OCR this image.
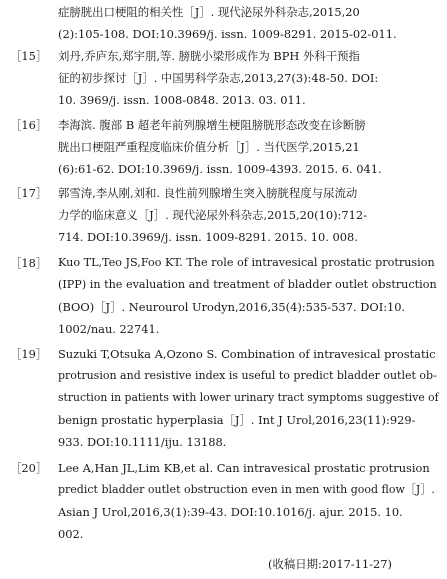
症膀胱出口梗阻的相关性［J］. 现代泌尿外科杂志,2015,20
(2):105-108. DOI:10.3969/j. issn. 1009-8291. 2015-02-011.
［15］ 刘丹,乔庐东,郑宇朋,等. 膀胱小梁形成作为 BPH 外科干预指
征的初步探讨［J］. 中国男科学杂志,2013,27(3):48-50. DOI:
10. 3969/j. issn. 1008-0848. 2013. 03. 011.
［16］ 李海滨. 腹部 B 超老年前列腺增生梗阻膀胱形态改变在诊断膀
胱出口梗阻严重程度临床价值分析［J］. 当代医学,2015,21
(6):61-62. DOI:10.3969/j. issn. 1009-4393. 2015. 6. 041.
［17］ 郭雪涛,李从刚,刘和. 良性前列腺增生突入膀胱程度与尿流动
力学的临床意义［J］. 现代泌尿外科杂志,2015,20(10):712-
714. DOI:10.3969/j. issn. 1009-8291. 2015. 10. 008.
［18］ Kuo TL,Teo JS,Foo KT. The role of intravesical prostatic protrusion
(IPP) in the evaluation and treatment of bladder outlet obstruction
(BOO)［J］. Neurourol Urodyn,2016,35(4):535-537. DOI:10.
1002/nau. 22741.
［19］ Suzuki T,Otsuka A,Ozono S. Combination of intravesical prostatic
protrusion and resistive index is useful to predict bladder outlet ob-
struction in patients with lower urinary tract symptoms suggestive of
benign prostatic hyperplasia［J］. Int J Urol,2016,23(11):929-
933. DOI:10.1111/iju. 13188.
［20］ Lee A,Han JL,Lim KB,et al. Can intravesical prostatic protrusion
predict bladder outlet obstruction even in men with good flow［J］.
Asian J Urol,2016,3(1):39-43. DOI:10.1016/j. ajur. 2015. 10.
002.
(收稿日期:2017-11-27)
